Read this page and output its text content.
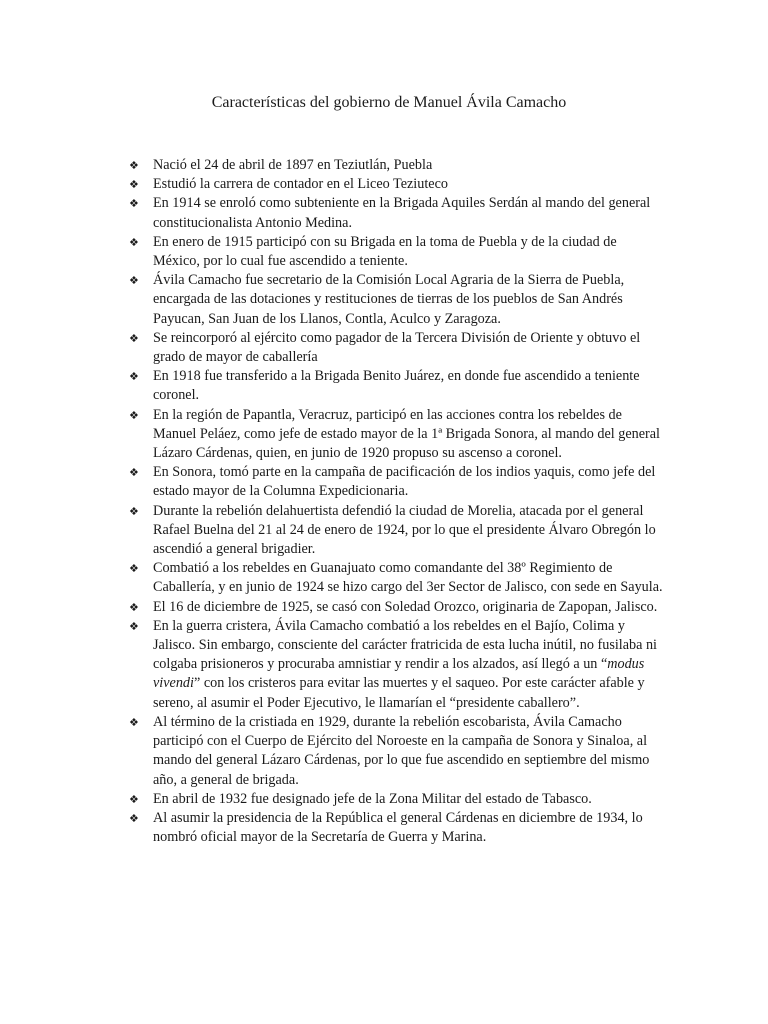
Características del gobierno de Manuel Ávila Camacho
❖ Nació el 24 de abril de 1897 en Teziutlán, Puebla
❖ Estudió la carrera de contador en el Liceo Teziuteco
❖ En 1914 se enroló como subteniente en la Brigada Aquiles Serdán al mando del general constitucionalista Antonio Medina.
❖ En enero de 1915 participó con su Brigada en la toma de Puebla y de la ciudad de México, por lo cual fue ascendido a teniente.
❖ Ávila Camacho fue secretario de la Comisión Local Agraria de la Sierra de Puebla, encargada de las dotaciones y restituciones de tierras de los pueblos de San Andrés Payucan, San Juan de los Llanos, Contla, Aculco y Zaragoza.
❖ Se reincorporó al ejército como pagador de la Tercera División de Oriente y obtuvo el grado de mayor de caballería
❖ En 1918 fue transferido a la Brigada Benito Juárez, en donde fue ascendido a teniente coronel.
❖ En la región de Papantla, Veracruz, participó en las acciones contra los rebeldes de Manuel Peláez, como jefe de estado mayor de la 1ª Brigada Sonora, al mando del general Lázaro Cárdenas, quien, en junio de 1920 propuso su ascenso a coronel.
❖ En Sonora, tomó parte en la campaña de pacificación de los indios yaquis, como jefe del estado mayor de la Columna Expedicionaria.
❖ Durante la rebelión delahuertista defendió la ciudad de Morelia, atacada por el general Rafael Buelna del 21 al 24 de enero de 1924, por lo que el presidente Álvaro Obregón lo ascendió a general brigadier.
❖ Combatió a los rebeldes en Guanajuato como comandante del 38º Regimiento de Caballería, y en junio de 1924 se hizo cargo del 3er Sector de Jalisco, con sede en Sayula.
❖ El 16 de diciembre de 1925, se casó con Soledad Orozco, originaria de Zapopan, Jalisco.
❖ En la guerra cristera, Ávila Camacho combatió a los rebeldes en el Bajío, Colima y Jalisco. Sin embargo, consciente del carácter fratricida de esta lucha inútil, no fusilaba ni colgaba prisioneros y procuraba amnistiar y rendir a los alzados, así llegó a un “modus vivendi” con los cristeros para evitar las muertes y el saqueo. Por este carácter afable y sereno, al asumir el Poder Ejecutivo, le llamarían el “presidente caballero”.
❖ Al término de la cristiada en 1929, durante la rebelión escobarista, Ávila Camacho participó con el Cuerpo de Ejército del Noroeste en la campaña de Sonora y Sinaloa, al mando del general Lázaro Cárdenas, por lo que fue ascendido en septiembre del mismo año, a general de brigada.
❖ En abril de 1932 fue designado jefe de la Zona Militar del estado de Tabasco.
❖ Al asumir la presidencia de la República el general Cárdenas en diciembre de 1934, lo nombró oficial mayor de la Secretaría de Guerra y Marina.
